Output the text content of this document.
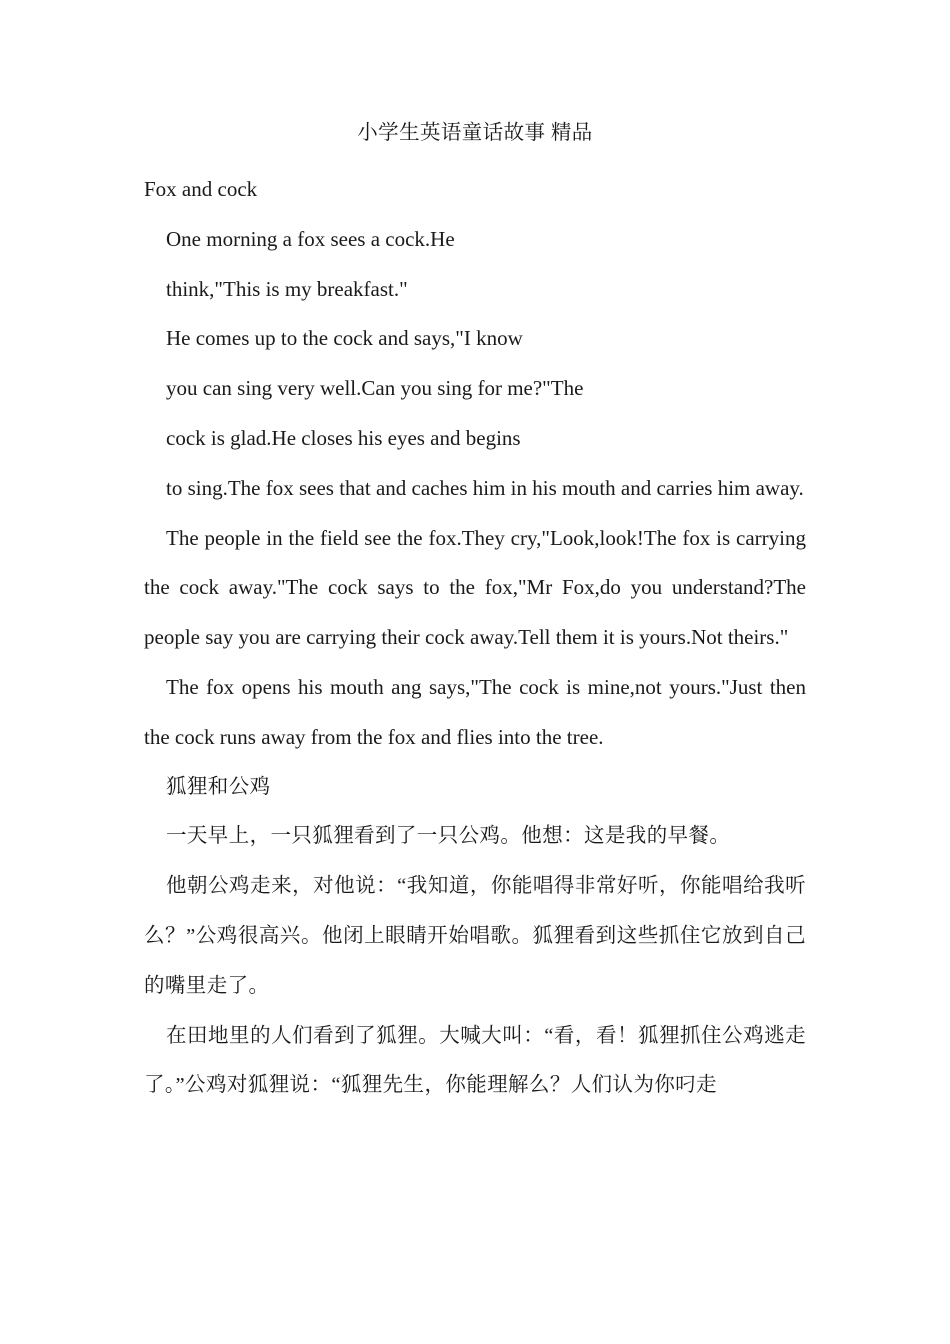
小学生英语童话故事 精品
Fox and cock
One morning a fox sees a cock.He
think,"This is my breakfast."
He comes up to the cock and says,"I know
you can sing very well.Can you sing for me?"The
cock is glad.He closes his eyes and begins

to sing.The fox sees that and caches him in his mouth and carries him away.

The people in the field see the fox.They cry,"Look,look!The fox is carrying the cock away."The cock says to the fox,"Mr Fox,do you understand?The people say you are carrying their cock away.Tell them it is yours.Not theirs."

The fox opens his mouth ang says,"The cock is mine,not yours."Just then the cock runs away from the fox and flies into the tree.

狐狸和公鸡

一天早上，一只狐狸看到了一只公鸡。他想：这是我的早餐。

他朝公鸡走来，对他说：“我知道，你能唱得非常好听，你能唱给我听么？”公鸡很高兴。他闭上眼睛开始唱歌。狐狸看到这些抓住它放到自己的嘴里走了。

在田地里的人们看到了狐狸。大喊大叫：“看，看！狐狸抓住公鸡逃走了。”公鸡对狐狸说：“狐狸先生，你能理解么？人们认为你叼走
